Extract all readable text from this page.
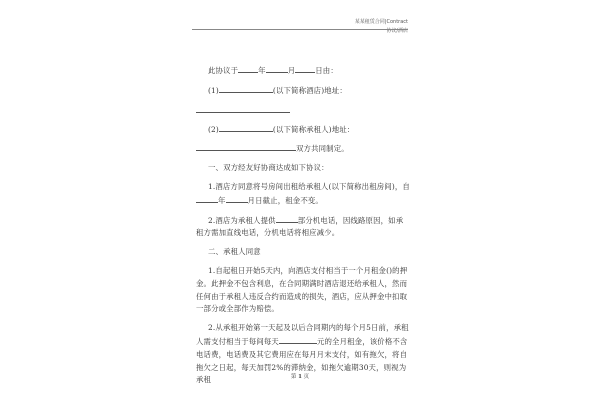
某某租赁合同|Contract
协议/酒店

此协议于	年	月	日由：

(1)	(以下简称酒店)地址：

(2)	(以下简称承租人)地址：

双方共同制定。

一、双方经友好协商达成如下协议：

1.酒店方同意将号房间出租给承租人(以下简称出租房间)，自
年	月日截止，租金不变。

2.酒店为承租人提供	部分机电话，因线路原因，如承
租方需加直线电话，分机电话将相应减少。

二、承租人同意

1.自起租日开始5天内，向酒店支付相当于一个月租金()的押金。此押金不包含利息，在合同期满时酒店退还给承租人，然而任何由于承租人违反合约而造成的损失，酒店，应从押金中扣取一部分或全部作为赔偿。

2.从承租开始第一天起及以后合同期内的每个月5日前，承租人需支付相当于每间每天	元的全月租金，该价格不含电话费，电话费及其它费用应在每月月末支付，如有拖欠，将自拖欠之日起，每天加罚2%的滞纳金，如拖欠逾期30天，则视为承租	第 1 页
